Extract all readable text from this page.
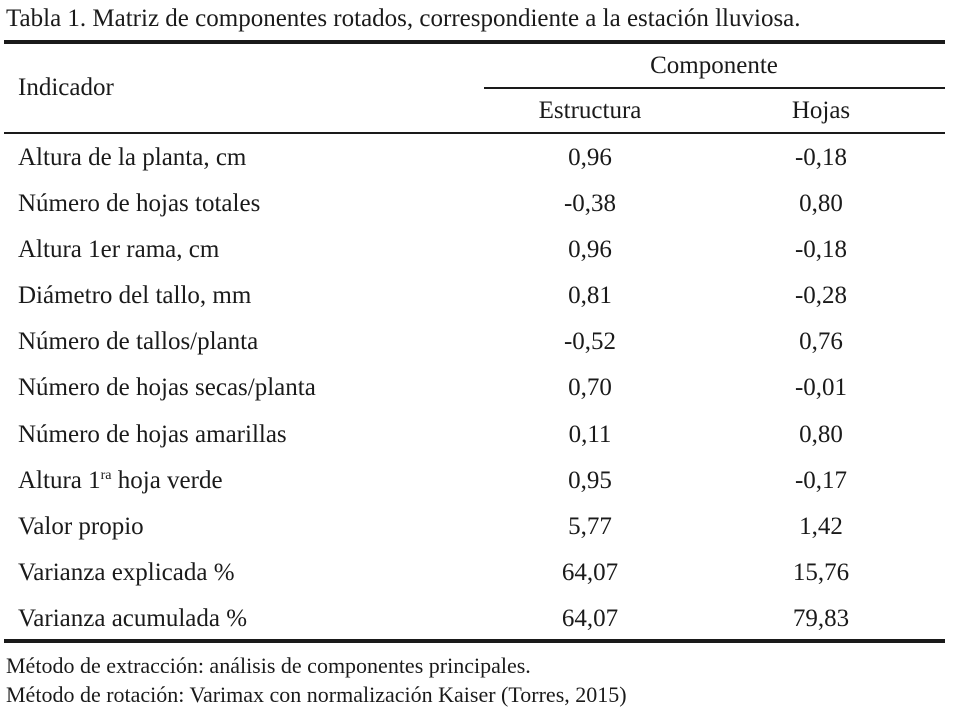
Tabla 1. Matriz de componentes rotados, correspondiente a la estación lluviosa.
Indicador
Componente
Estructura	Hojas
Altura de la planta, cm	0,96	-0,18
Número de hojas totales	-0,38	0,80
Altura 1er rama, cm	0,96	-0,18
Diámetro del tallo, mm	0,81	-0,28
Número de tallos/planta	-0,52	0,76
Número de hojas secas/planta	0,70	-0,01
Número de hojas amarillas	0,11	0,80
Altura $1^{ra}$ hoja verde	0,95	-0,17
Valor propio	5,77	1,42
Varianza explicada %	64,07	15,76
Varianza acumulada %	64,07	79,83
Método de extracción: análisis de componentes principales.
Método de rotación: Varimax con normalización Kaiser (Torres, 2015)
